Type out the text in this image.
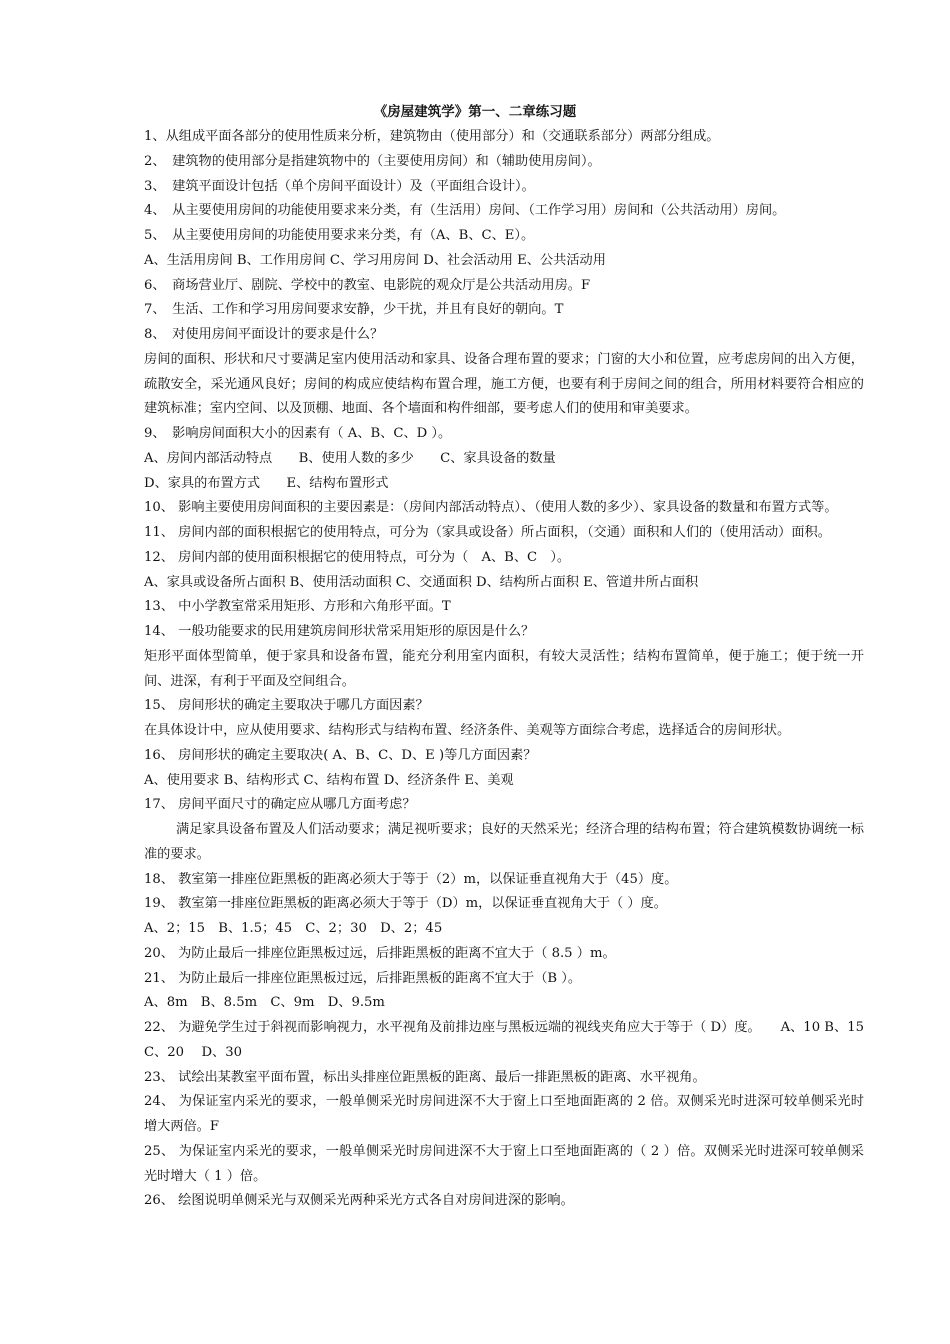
《房屋建筑学》第一、二章练习题

1、从组成平面各部分的使用性质来分析，建筑物由（使用部分）和（交通联系部分）两部分组成。

2、　建筑物的使用部分是指建筑物中的（主要使用房间）和（辅助使用房间）。

3、　建筑平面设计包括（单个房间平面设计）及（平面组合设计）。

4、　从主要使用房间的功能使用要求来分类，有（生活用）房间、（工作学习用）房间和（公共活动用）房间。

5、　从主要使用房间的功能使用要求来分类，有（A、B、C、E）。

A、生活用房间 B、工作用房间 C、学习用房间 D、社会活动用 E、公共活动用

6、　商场营业厅、剧院、学校中的教室、电影院的观众厅是公共活动用房。F

7、　生活、工作和学习用房间要求安静，少干扰，并且有良好的朝向。T

8、　对使用房间平面设计的要求是什么？

房间的面积、形状和尺寸要满足室内使用活动和家具、设备合理布置的要求；门窗的大小和位置，应考虑房间的出入方便，疏散安全，采光通风良好；房间的构成应使结构布置合理，施工方便，也要有利于房间之间的组合，所用材料要符合相应的建筑标准；室内空间、以及顶棚、地面、各个墙面和构件细部，要考虑人们的使用和审美要求。

9、　影响房间面积大小的因素有（ A、B、C、D ）。

A、房间内部活动特点　　B、使用人数的多少　　C、家具设备的数量

D、家具的布置方式　　E、结构布置形式

10、 影响主要使用房间面积的主要因素是：（房间内部活动特点）、（使用人数的多少）、家具设备的数量和布置方式等。

11、 房间内部的面积根据它的使用特点，可分为（家具或设备）所占面积，（交通）面积和人们的（使用活动）面积。

12、 房间内部的使用面积根据它的使用特点，可分为（　A、B、C　）。

A、家具或设备所占面积 B、使用活动面积 C、交通面积 D、结构所占面积 E、管道井所占面积

13、 中小学教室常采用矩形、方形和六角形平面。T

14、 一般功能要求的民用建筑房间形状常采用矩形的原因是什么？

矩形平面体型简单，便于家具和设备布置，能充分利用室内面积，有较大灵活性；结构布置简单，便于施工；便于统一开间、进深，有利于平面及空间组合。

15、 房间形状的确定主要取决于哪几方面因素？

在具体设计中，应从使用要求、结构形式与结构布置、经济条件、美观等方面综合考虑，选择适合的房间形状。

16、 房间形状的确定主要取决( A、B、C、D、E )等几方面因素？

A、使用要求 B、结构形式 C、结构布置 D、经济条件 E、美观

17、 房间平面尺寸的确定应从哪几方面考虑？

满足家具设备布置及人们活动要求；满足视听要求；良好的天然采光；经济合理的结构布置；符合建筑模数协调统一标准的要求。

18、 教室第一排座位距黑板的距离必须大于等于（2）m，以保证垂直视角大于（45）度。

19、 教室第一排座位距黑板的距离必须大于等于（D）m，以保证垂直视角大于（ ）度。

A、2；15　B、1.5；45　C、2；30　D、2；45

20、 为防止最后一排座位距黑板过远，后排距黑板的距离不宜大于（ 8.5 ）m。

21、 为防止最后一排座位距黑板过远，后排距黑板的距离不宜大于（B ）。

A、8m　B、8.5m　C、9m　D、9.5m

22、 为避免学生过于斜视而影响视力，水平视角及前排边座与黑板远端的视线夹角应大于等于（ D）度。　　A、10 B、15　C、20　 D、30

23、 试绘出某教室平面布置，标出头排座位距黑板的距离、最后一排距黑板的距离、水平视角。

24、 为保证室内采光的要求，一般单侧采光时房间进深不大于窗上口至地面距离的 2 倍。双侧采光时进深可较单侧采光时增大两倍。F

25、 为保证室内采光的要求，一般单侧采光时房间进深不大于窗上口至地面距离的（ 2 ）倍。双侧采光时进深可较单侧采光时增大（ 1 ）倍。

26、 绘图说明单侧采光与双侧采光两种采光方式各自对房间进深的影响。
